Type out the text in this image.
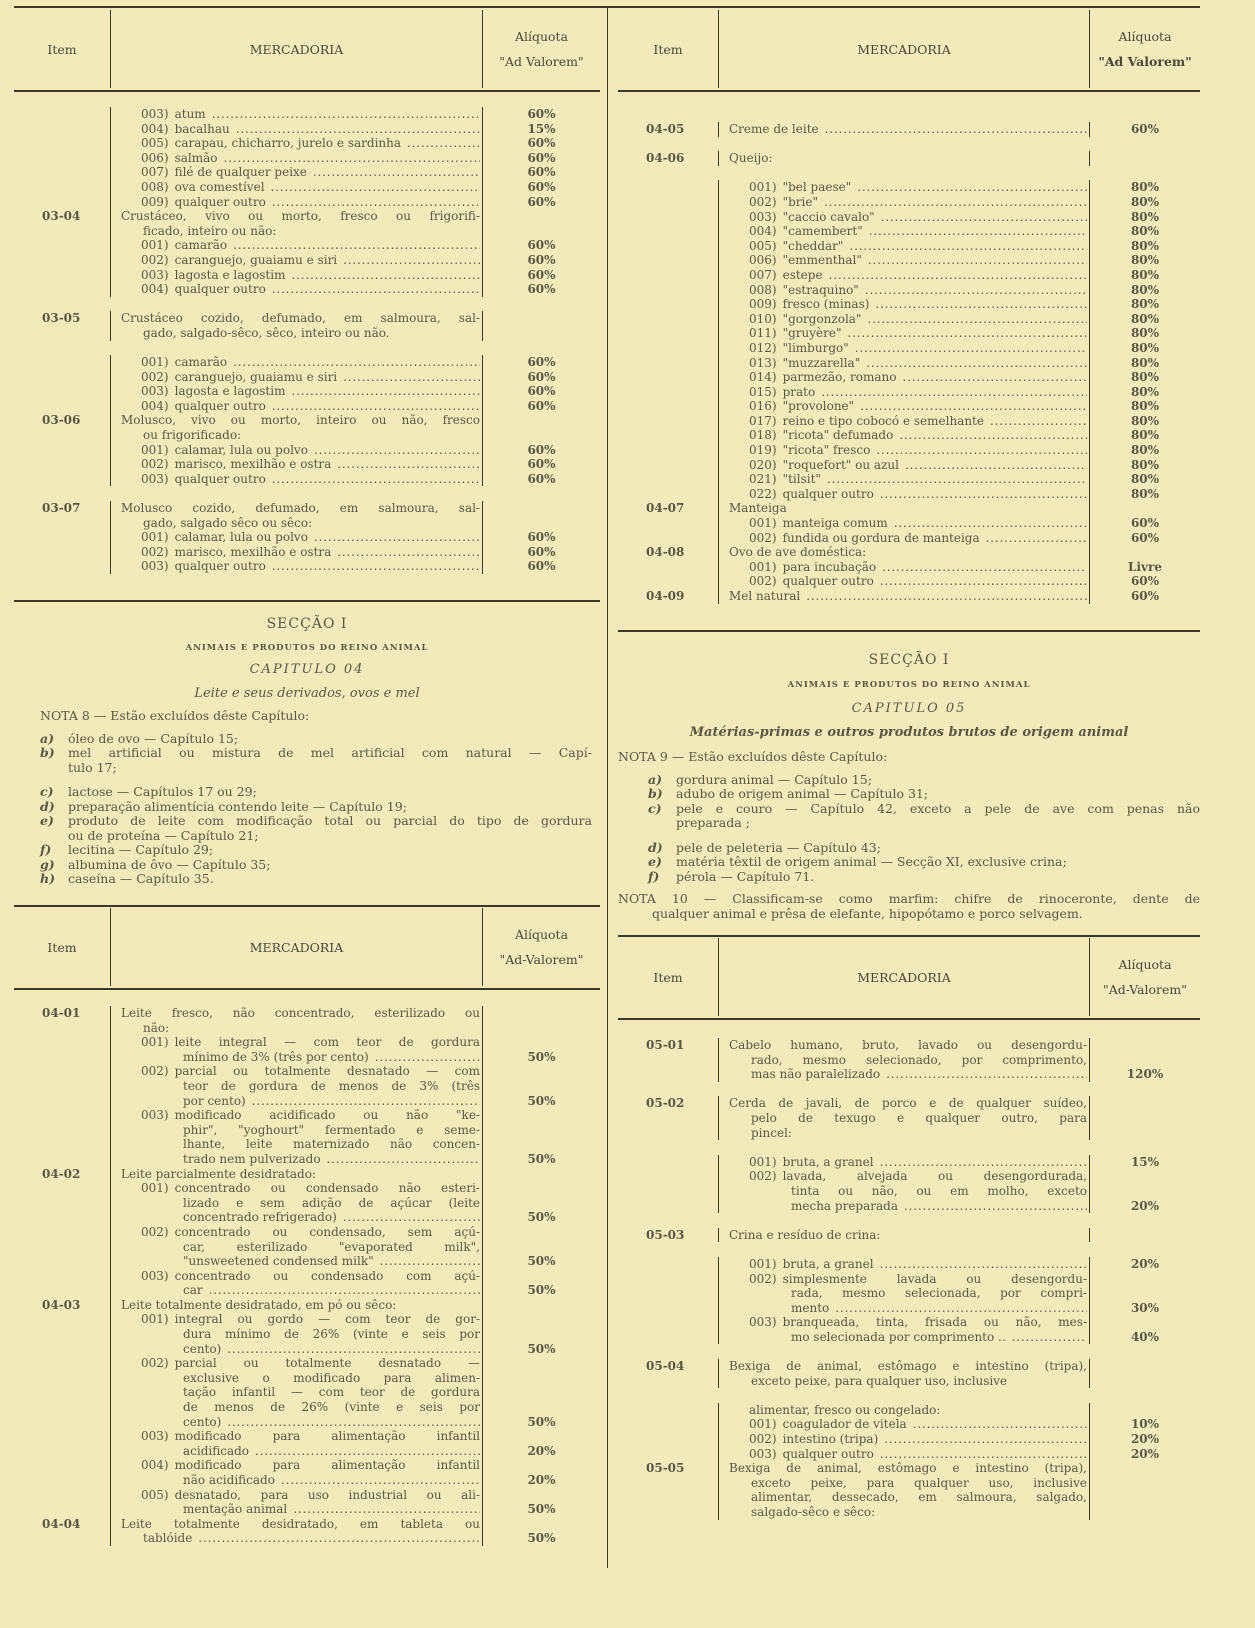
Item	MERCADORIA
Alíquota
"Ad Valorem"
003) atum . . .	60%
004) bacalhau . . .	15%
005) carapau, chicharro, jurelo e sardinha . . .	60%
006) salmão . . .	60%
007) filé de qualquer peixe . . .	60%
008) ova comestível . . .	60%
009) qualquer outro . . .	60%
03-04	Crustáceo, vivo ou morto, fresco ou frigorifi-
ficado, inteiro ou não:
001) camarão . . .	60%
002) caranguejo, guaiamu e siri . . .	60%
003) lagosta e lagostim . . .	60%
004) qualquer outro . . .	60%
03-05	Crustáceo cozido, defumado, em salmoura, sal-
gado, salgado-sêco, sêco, inteiro ou não.
001) camarão . . .	60%
002) caranguejo, guaiamu e siri . . .	60%
003) lagosta e lagostim . . .	60%
004) qualquer outro . . .	60%
03-06	Molusco, vivo ou morto, inteiro ou não, fresco
ou frigorificado:
001) calamar, lula ou polvo . . .	60%
002) marisco, mexilhão e ostra . . .	60%
003) qualquer outro . . .	60%
03-07	Molusco cozido, defumado, em salmoura, sal-
gado, salgado sêco ou sêco:
001) calamar, lula ou polvo . . .	60%
002) marisco, mexilhão e ostra . . .	60%
003) qualquer outro . . .	60%
SECÇÃO I
ANIMAIS E PRODUTOS DO REINO ANIMAL
CAPITULO 04
Leite e seus derivados, ovos e mel
NOTA 8 — Estão excluídos dêste Capítulo:
a)	óleo de ovo — Capítulo 15;
b)	mel artificial ou mistura de mel artificial com natural — Capí-
tulo 17;
c)	lactose — Capítulos 17 ou 29;
d)	preparação alimentícia contendo leite — Capítulo 19;
e)	produto de leite com modificação total ou parcial do tipo de gordura
ou de proteína — Capítulo 21;
f)	lecitina — Capítulo 29;
g)	albumina de ôvo — Capítulo 35;
h)	caseína — Capítulo 35.
Item	MERCADORIA
Alíquota
"Ad-Valorem"
04-01	Leite fresco, não concentrado, esterilizado ou
não:
001) leite integral — com teor de gordura
mínimo de 3% (três por cento) . . .	50%
002) parcial ou totalmente desnatado — com
teor de gordura de menos de 3% (três
por cento) . . .	50%
003) modificado acidificado ou não "ke-
phir", "yoghourt" fermentado e seme-
lhante, leite maternizado não concen-
trado nem pulverizado . . .	50%
04-02	Leite parcialmente desidratado:
001) concentrado ou condensado não esteri-
lizado e sem adição de açúcar (leite
concentrado refrigerado) . . .	50%
002) concentrado ou condensado, sem açú-
car, esterilizado "evaporated milk",
"unsweetened condensed milk" . . .	50%
003) concentrado ou condensado com açú-
car . . .	50%
04-03	Leite totalmente desidratado, em pó ou sêco:
001) integral ou gordo — com teor de gor-
dura mínimo de 26% (vinte e seis por
cento) . . .	50%
002) parcial ou totalmente desnatado —
exclusive o modificado para alimen-
tação infantil — com teor de gordura
de menos de 26% (vinte e seis por
cento) . . .	50%
003) modificado para alimentação infantil
acidificado . . .	20%
004) modificado para alimentação infantil
não acidificado . . .	20%
005) desnatado, para uso industrial ou ali-
mentação animal . . .	50%
04-04	Leite totalmente desidratado, em tableta ou
tablóide . . .	50%
Item	MERCADORIA
Alíquota
"Ad Valorem"
04-05	Creme de leite . . .	60%
04-06	Queijo:
001) "bel paese" . . .	80%
002) "brie" . . .	80%
003) "caccio cavalo" . . .	80%
004) "camembert" . . .	80%
005) "cheddar" . . .	80%
006) "emmenthal" . . .	80%
007) estepe . . .	80%
008) "estraquino" . . .	80%
009) fresco (minas) . . .	80%
010) "gorgonzola" . . .	80%
011) "gruyère" . . .	80%
012) "limburgo" . . .	80%
013) "muzzarella" . . .	80%
014) parmezão, romano . . .	80%
015) prato . . .	80%
016) "provolone" . . .	80%
017) reino e tipo cobocó e semelhante . . .	80%
018) "ricota" defumado . . .	80%
019) "ricota" fresco . . .	80%
020) "roquefort" ou azul . . .	80%
021) "tilsit" . . .	80%
022) qualquer outro . . .	80%
04-07	Manteiga
001) manteiga comum . . .	60%
002) fundida ou gordura de manteiga . . .	60%
04-08	Ovo de ave doméstica:
001) para incubação . . .	Livre
002) qualquer outro . . .	60%
04-09	Mel natural . . .	60%
SECÇÃO I
ANIMAIS E PRODUTOS DO REINO ANIMAL
CAPITULO 05
Matérias-primas e outros produtos brutos de origem animal
NOTA 9 — Estão excluídos dêste Capítulo:
a)	gordura animal — Capítulo 15;
b)	adubo de origem animal — Capítulo 31;
c)	pele e couro — Capítulo 42, exceto a pele de ave com penas não
preparada ;
d)	pele de peleteria — Capítulo 43;
e)	matéria têxtil de origem animal — Secção XI, exclusive crina;
f)	pérola — Capítulo 71.
NOTA 10 — Classificam-se como marfim: chifre de rinoceronte, dente de
qualquer animal e prêsa de elefante, hipopótamo e porco selvagem.
Item	MERCADORIA
Alíquota
"Ad-Valorem"
05-01	Cabelo humano, bruto, lavado ou desengordu-
rado, mesmo selecionado, por comprimento,
mas não paralelizado . . .	120%
05-02	Cerda de javali, de porco e de qualquer suídeo,
pelo de texugo e qualquer outro, para
pincel:
001) bruta, a granel . . .	15%
002) lavada, alvejada ou desengordurada,
tinta ou não, ou em molho, exceto
mecha preparada . . .	20%
05-03	Crina e resíduo de crina:
001) bruta, a granel . . .	20%
002) simplesmente lavada ou desengordu-
rada, mesmo selecionada, por compri-
mento . . .	30%
003) branqueada, tinta, frisada ou não, mes-
mo selecionada por comprimento .. . . .	40%
05-04	Bexiga de animal, estômago e intestino (tripa),
exceto peixe, para qualquer uso, inclusive
alimentar, fresco ou congelado:
001) coagulador de vitela . . .	10%
002) intestino (tripa) . . .	20%
003) qualquer outro . . .	20%
05-05	Bexiga de animal, estômago e intestino (tripa),
exceto peixe, para qualquer uso, inclusive
alimentar, dessecado, em salmoura, salgado,
salgado-sêco e sêco:
